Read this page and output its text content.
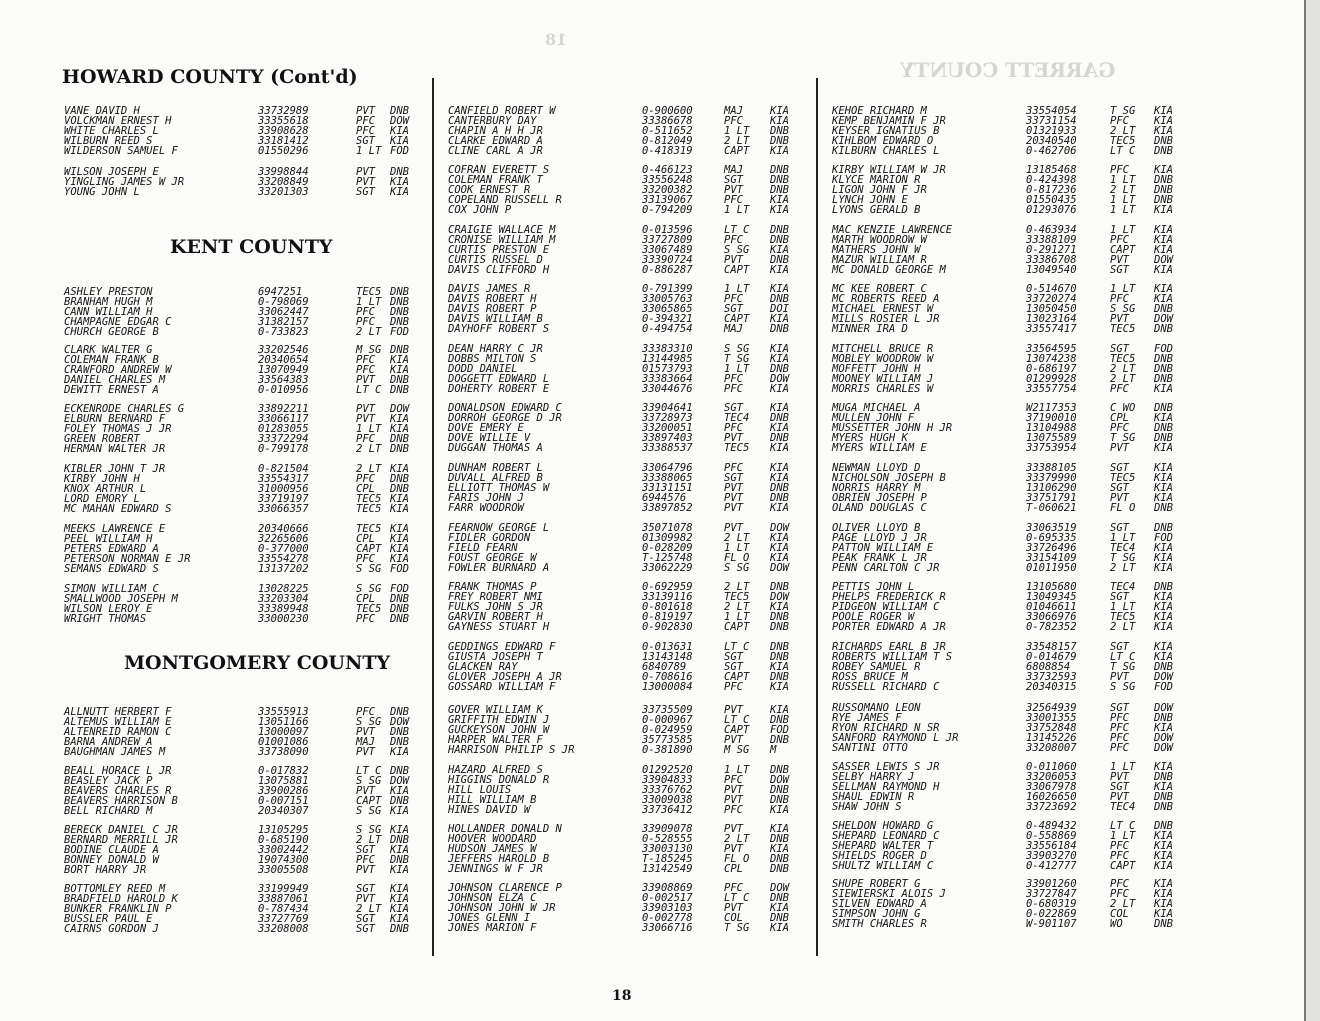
GARRETT COUNTY
18
HOWARD COUNTY (Cont'd)
KENT COUNTY
MONTGOMERY COUNTY
VANE DAVID H	33732989	PVT DNB
VOLCKMAN ERNEST H	33355618	PFC DOW
WHITE CHARLES L	33908628	PFC KIA
WILBURN REED S	33181412	SGT KIA
WILDERSON SAMUEL F	01550296	1 LT FOD
WILSON JOSEPH E	33998844	PVT DNB
YINGLING JAMES W JR	33208849	PVT KIA
YOUNG JOHN L	33201303	SGT KIA
ASHLEY PRESTON	6947251	TEC5 DNB
BRANHAM HUGH M	0-798069	1 LT DNB
CANN WILLIAM H	33062447	PFC DNB
CHAMPAGNE EDGAR C	31382157	PFC DNB
CHURCH GEORGE B	0-733823	2 LT FOD
CLARK WALTER G	33202546	M SG DNB
COLEMAN FRANK B	20340654	PFC KIA
CRAWFORD ANDREW W	13070949	PFC KIA
DANIEL CHARLES M	33564383	PVT DNB
DEWITT ERNEST A	0-010956	LT C DNB
ECKENRODE CHARLES G	33892211	PVT DOW
ELBURN BERNARD F	33066117	PVT KIA
FOLEY THOMAS J JR	01283055	1 LT KIA
GREEN ROBERT	33372294	PFC DNB
HERMAN WALTER JR	0-799178	2 LT DNB
KIBLER JOHN T JR	0-821504	2 LT KIA
KIRBY JOHN H	33554317	PFC DNB
KNOX ARTHUR L	31000956	CPL DNB
LORD EMORY L	33719197	TEC5 KIA
MC MAHAN EDWARD S	33066357	TEC5 KIA
MEEKS LAWRENCE E	20340666	TEC5 KIA
PEEL WILLIAM H	32265606	CPL KIA
PETERS EDWARD A	0-377000	CAPT KIA
PETERSON NORMAN E JR	33554278	PFC KIA
SEMANS EDWARD S	13137202	S SG FOD
SIMON WILLIAM C	13028225	S SG FOD
SMALLWOOD JOSEPH M	33203304	CPL DNB
WILSON LEROY E	33389948	TEC5 DNB
WRIGHT THOMAS	33000230	PFC DNB
ALLNUTT HERBERT F	33555913	PFC DNB
ALTEMUS WILLIAM E	13051166	S SG DOW
ALTENREID RAMON C	13000097	PVT DNB
BARNA ANDREW A	01001086	MAJ DNB
BAUGHMAN JAMES M	33738090	PVT KIA
BEALL HORACE L JR	0-017832	LT C DNB
BEASLEY JACK P	13075881	S SG DOW
BEAVERS CHARLES R	33900286	PVT KIA
BEAVERS HARRISON B	0-007151	CAPT DNB
BELL RICHARD M	20340307	S SG KIA
BERECK DANIEL C JR	13105295	S SG KIA
BERNARD MERRILL JR	0-685190	2 LT DNB
BODINE CLAUDE A	33002442	SGT KIA
BONNEY DONALD W	19074300	PFC DNB
BORT HARRY JR	33005508	PVT KIA
BOTTOMLEY REED M	33199949	SGT KIA
BRADFIELD HAROLD K	33887061	PVT KIA
BUNKER FRANKLIN P	0-787434	2 LT KIA
BUSSLER PAUL E	33727769	SGT KIA
CAIRNS GORDON J	33208008	SGT DNB
CANFIELD ROBERT W	0-900600	MAJ	KIA
CANTERBURY DAY	33386678	PFC	KIA
CHAPIN A H H JR	0-511652	1 LT DNB
CLARKE EDWARD A	0-812049	2 LT DNB
CLINE CARL A JR	0-418319	CAPT KIA
COFRAN EVERETT S	0-466123	MAJ	DNB
COLEMAN FRANK T	33556248	SGT	DNB
COOK ERNEST R	33200382	PVT	DNB
COPELAND RUSSELL R	33139067	PFC	KIA
COX JOHN P	0-794209	1 LT KIA
CRAIGIE WALLACE M	0-013596	LT C DNB
CRONISE WILLIAM M	33727809	PFC	DNB
CURTIS PRESTON E	33067489	S SG KIA
CURTIS RUSSEL D	33390724	PVT	DNB
DAVIS CLIFFORD H	0-886287	CAPT KIA
DAVIS JAMES R	0-791399	1 LT KIA
DAVIS ROBERT H	33005763	PFC	DNB
DAVIS ROBERT P	33065865	SGT	DOI
DAVIS WILLIAM B	0-394321	CAPT KIA
DAYHOFF ROBERT S	0-494754	MAJ	DNB
DEAN HARRY C JR	33383310	S SG KIA
DOBBS MILTON S	13144985	T SG KIA
DODD DANIEL	01573793	1 LT DNB
DOGGETT EDWARD L	33383664	PFC	DOW
DOHERTY ROBERT E	33044676	PFC	KIA
DONALDSON EDWARD C	33904641	SGT	KIA
DORROH GEORGE D JR	33728973	TEC4 DNB
DOVE EMERY E	33200051	PFC	KIA
DOVE WILLIE V	33897403	PVT	DNB
DUGGAN THOMAS A	33388537	TEC5 KIA
DUNHAM ROBERT L	33064796	PFC	KIA
DUVALL ALFRED B	33388065	SGT	KIA
ELLIOTT THOMAS W	33131151	PVT	DNB
FARIS JOHN J	6944576	PVT	DNB
FARR WOODROW	33897852	PVT	KIA
FEARNOW GEORGE L	35071078	PVT	DOW
FIDLER GORDON	01309982	2 LT KIA
FIELD FEARN	0-028209	1 LT KIA
FOUST GEORGE W	T-125748	FL O KIA
FOWLER BURNARD A	33062229	S SG DOW
FRANK THOMAS P	0-692959	2 LT DNB
FREY ROBERT NMI	33139116	TEC5 DOW
FULKS JOHN S JR	0-801618	2 LT KIA
GARVIN ROBERT H	0-819197	1 LT DNB
GAYNESS STUART H	0-902830	CAPT DNB
GEDDINGS EDWARD F	0-013631	LT C DNB
GIUSTA JOSEPH T	13143148	SGT	DNB
GLACKEN RAY	6840789	SGT	KIA
GLOVER JOSEPH A JR	0-708616	CAPT DNB
GOSSARD WILLIAM F	13000084	PFC	KIA
GOVER WILLIAM K	33735509	PVT	KIA
GRIFFITH EDWIN J	0-000967	LT C DNB
GUCKEYSON JOHN W	0-024959	CAPT FOD
HARPER WALTER F	35773585	PVT	DNB
HARRISON PHILIP S JR	0-381890	M SG M
HAZARD ALFRED S	01292520	1 LT DNB
HIGGINS DONALD R	33904833	PFC	DOW
HILL LOUIS	33376762	PVT	DNB
HILL WILLIAM B	33009038	PVT	DNB
HINES DAVID W	33736412	PFC	KIA
HOLLANDER DONALD N	33909078	PVT	KIA
HOOVER WOODARD	0-528555	2 LT DNB
HUDSON JAMES W	33003130	PVT	KIA
JEFFERS HAROLD B	T-185245	FL O DNB
JENNINGS W F JR	13142549	CPL	DNB
JOHNSON CLARENCE P	33908869	PFC	DOW
JOHNSON ELZA C	0-002517	LT C DNB
JOHNSON JOHN W JR	33903103	PVT	KIA
JONES GLENN I	0-002778	COL	DNB
JONES MARION F	33066716	T SG KIA
KEHOE RICHARD M	33554054	T SG KIA
KEMP BENJAMIN F JR	33731154	PFC KIA
KEYSER IGNATIUS B	01321933	2 LT KIA
KIHLBOM EDWARD O	20340540	TEC5 DNB
KILBURN CHARLES L	0-462706	LT C DNB
KIRBY WILLIAM W JR	13185468	PFC KIA
KLYCE MARION R	0-424398	1 LT DNB
LIGON JOHN F JR	0-817236	2 LT DNB
LYNCH JOHN E	01550435	1 LT DNB
LYONS GERALD B	01293076	1 LT KIA
MAC KENZIE LAWRENCE	0-463934	1 LT KIA
MARTH WOODROW W	33388109	PFC KIA
MATHERS JOHN W	0-291271	CAPT KIA
MAZUR WILLIAM R	33386708	PVT DOW
MC DONALD GEORGE M	13049540	SGT KIA
MC KEE ROBERT C	0-514670	1 LT KIA
MC ROBERTS REED A	33720274	PFC KIA
MICHAEL ERNEST W	13050450	S SG DNB
MILLS ROSIER L JR	13023164	PVT DOW
MINNER IRA D	33557417	TEC5 DNB
MITCHELL BRUCE R	33564595	SGT FOD
MOBLEY WOODROW W	13074238	TEC5 DNB
MOFFETT JOHN H	0-686197	2 LT DNB
MOONEY WILLIAM J	01299928	2 LT DNB
MORRIS CHARLES W	33557754	PFC KIA
MUGA MICHAEL A	W2117353	C WO DNB
MULLEN JOHN F	37190010	CPL KIA
MUSSETTER JOHN H JR	13104988	PFC DNB
MYERS HUGH K	13075589	T SG DNB
MYERS WILLIAM E	33753954	PVT KIA
NEWMAN LLOYD D	33388105	SGT KIA
NICHOLSON JOSEPH B	33379990	TEC5 KIA
NORRIS HARRY M	13106290	SGT KIA
OBRIEN JOSEPH P	33751791	PVT KIA
OLAND DOUGLAS C	T-060621	FL O DNB
OLIVER LLOYD B	33063519	SGT DNB
PAGE LLOYD J JR	0-695335	1 LT FOD
PATTON WILLIAM E	33726496	TEC4 KIA
PEAK FRANK L JR	33154109	T SG KIA
PENN CARLTON C JR	01011950	2 LT KIA
PETTIS JOHN L	13105680	TEC4 DNB
PHELPS FREDERICK R	13049345	SGT KIA
PIDGEON WILLIAM C	01046611	1 LT KIA
POOLE ROGER W	33066976	TEC5 KIA
PORTER EDWARD A JR	0-782352	2 LT KIA
RICHARDS EARL B JR	33548157	SGT KIA
ROBERTS WILLIAM T S	0-014679	LT C KIA
ROBEY SAMUEL R	6808854	T SG DNB
ROSS BRUCE M	33732593	PVT DOW
RUSSELL RICHARD C	20340315	S SG FOD
RUSSOMANO LEON	32564939	SGT DOW
RYE JAMES F	33001355	PFC DNB
RYON RICHARD N SR	33752848	PFC KIA
SANFORD RAYMOND L JR	13145226	PFC DOW
SANTINI OTTO	33208007	PFC DOW
SASSER LEWIS S JR	0-011060	1 LT KIA
SELBY HARRY J	33206053	PVT DNB
SELLMAN RAYMOND H	33067978	SGT KIA
SHAUL EDWIN R	16026650	PVT DNB
SHAW JOHN S	33723692	TEC4 DNB
SHELDON HOWARD G	0-489432	LT C DNB
SHEPARD LEONARD C	0-558869	1 LT KIA
SHEPARD WALTER T	33556184	PFC KIA
SHIELDS ROGER D	33903270	PFC KIA
SHULTZ WILLIAM C	0-412777	CAPT KIA
SHUPE ROBERT G	33901260	PFC KIA
SIEWIERSKI ALOIS J	33727847	PFC KIA
SILVEN EDWARD A	0-680319	2 LT KIA
SIMPSON JOHN G	0-022869	COL KIA
SMITH CHARLES R	W-901107	WO	DNB
18
